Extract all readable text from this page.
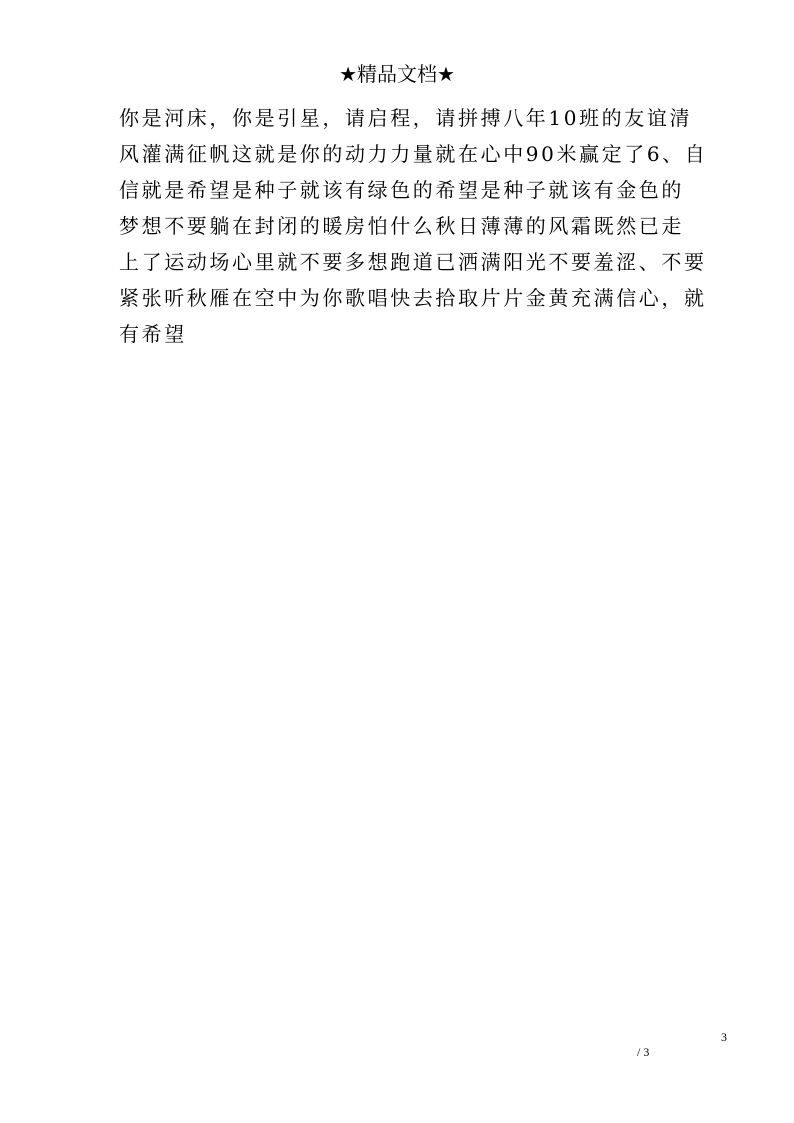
★精品文档★
你是河床，你是引星，请启程，请拼搏八年10班的友谊清
风灌满征帆这就是你的动力力量就在心中90米赢定了6、自
信就是希望是种子就该有绿色的希望是种子就该有金色的
梦想不要躺在封闭的暖房怕什么秋日薄薄的风霜既然已走
上了运动场心里就不要多想跑道已洒满阳光不要羞涩、不要
紧张听秋雁在空中为你歌唱快去拾取片片金黄充满信心，就
有希望
3
/ 3
